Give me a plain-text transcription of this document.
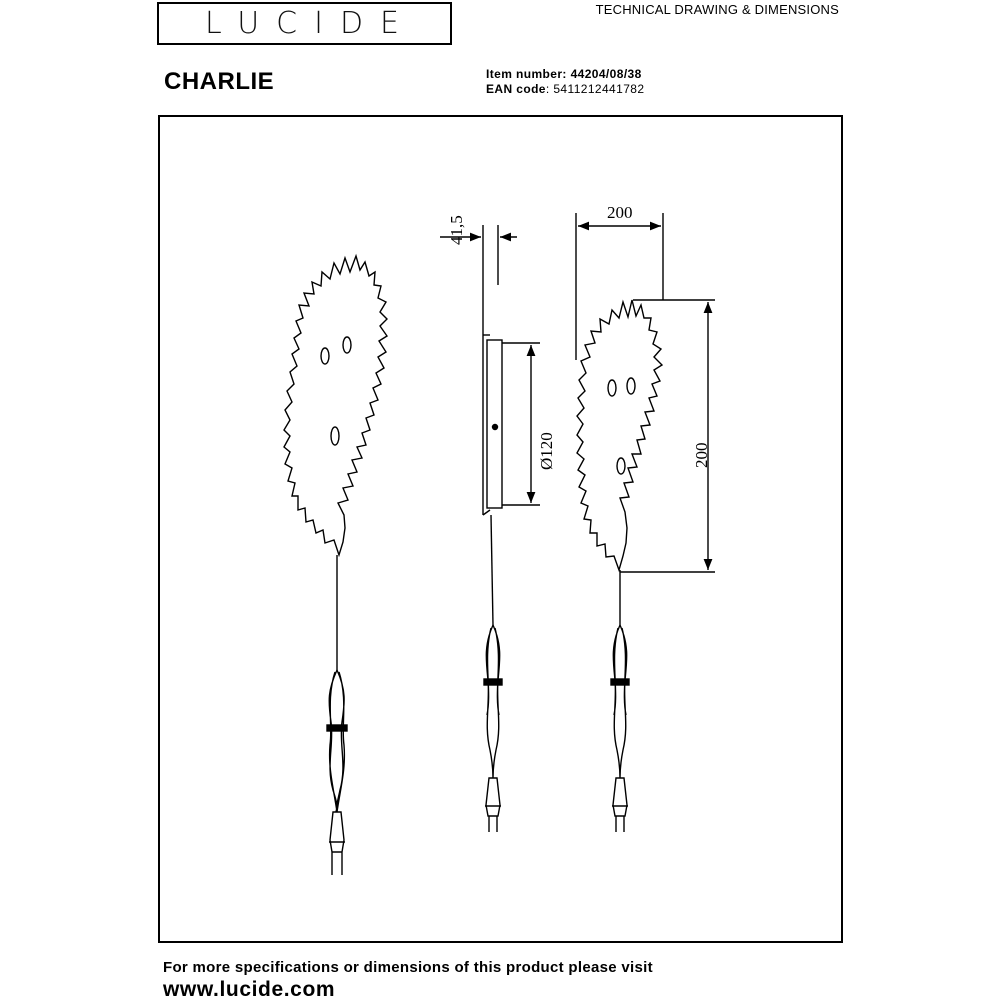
LUCIDE	TECHNICAL DRAWING & DIMENSIONS
CHARLIE	Item number: 44204/08/38
EAN code: 5411212441782
41,5
Ø120
200
200
For more specifications or dimensions of this product please visit
www.lucide.com
